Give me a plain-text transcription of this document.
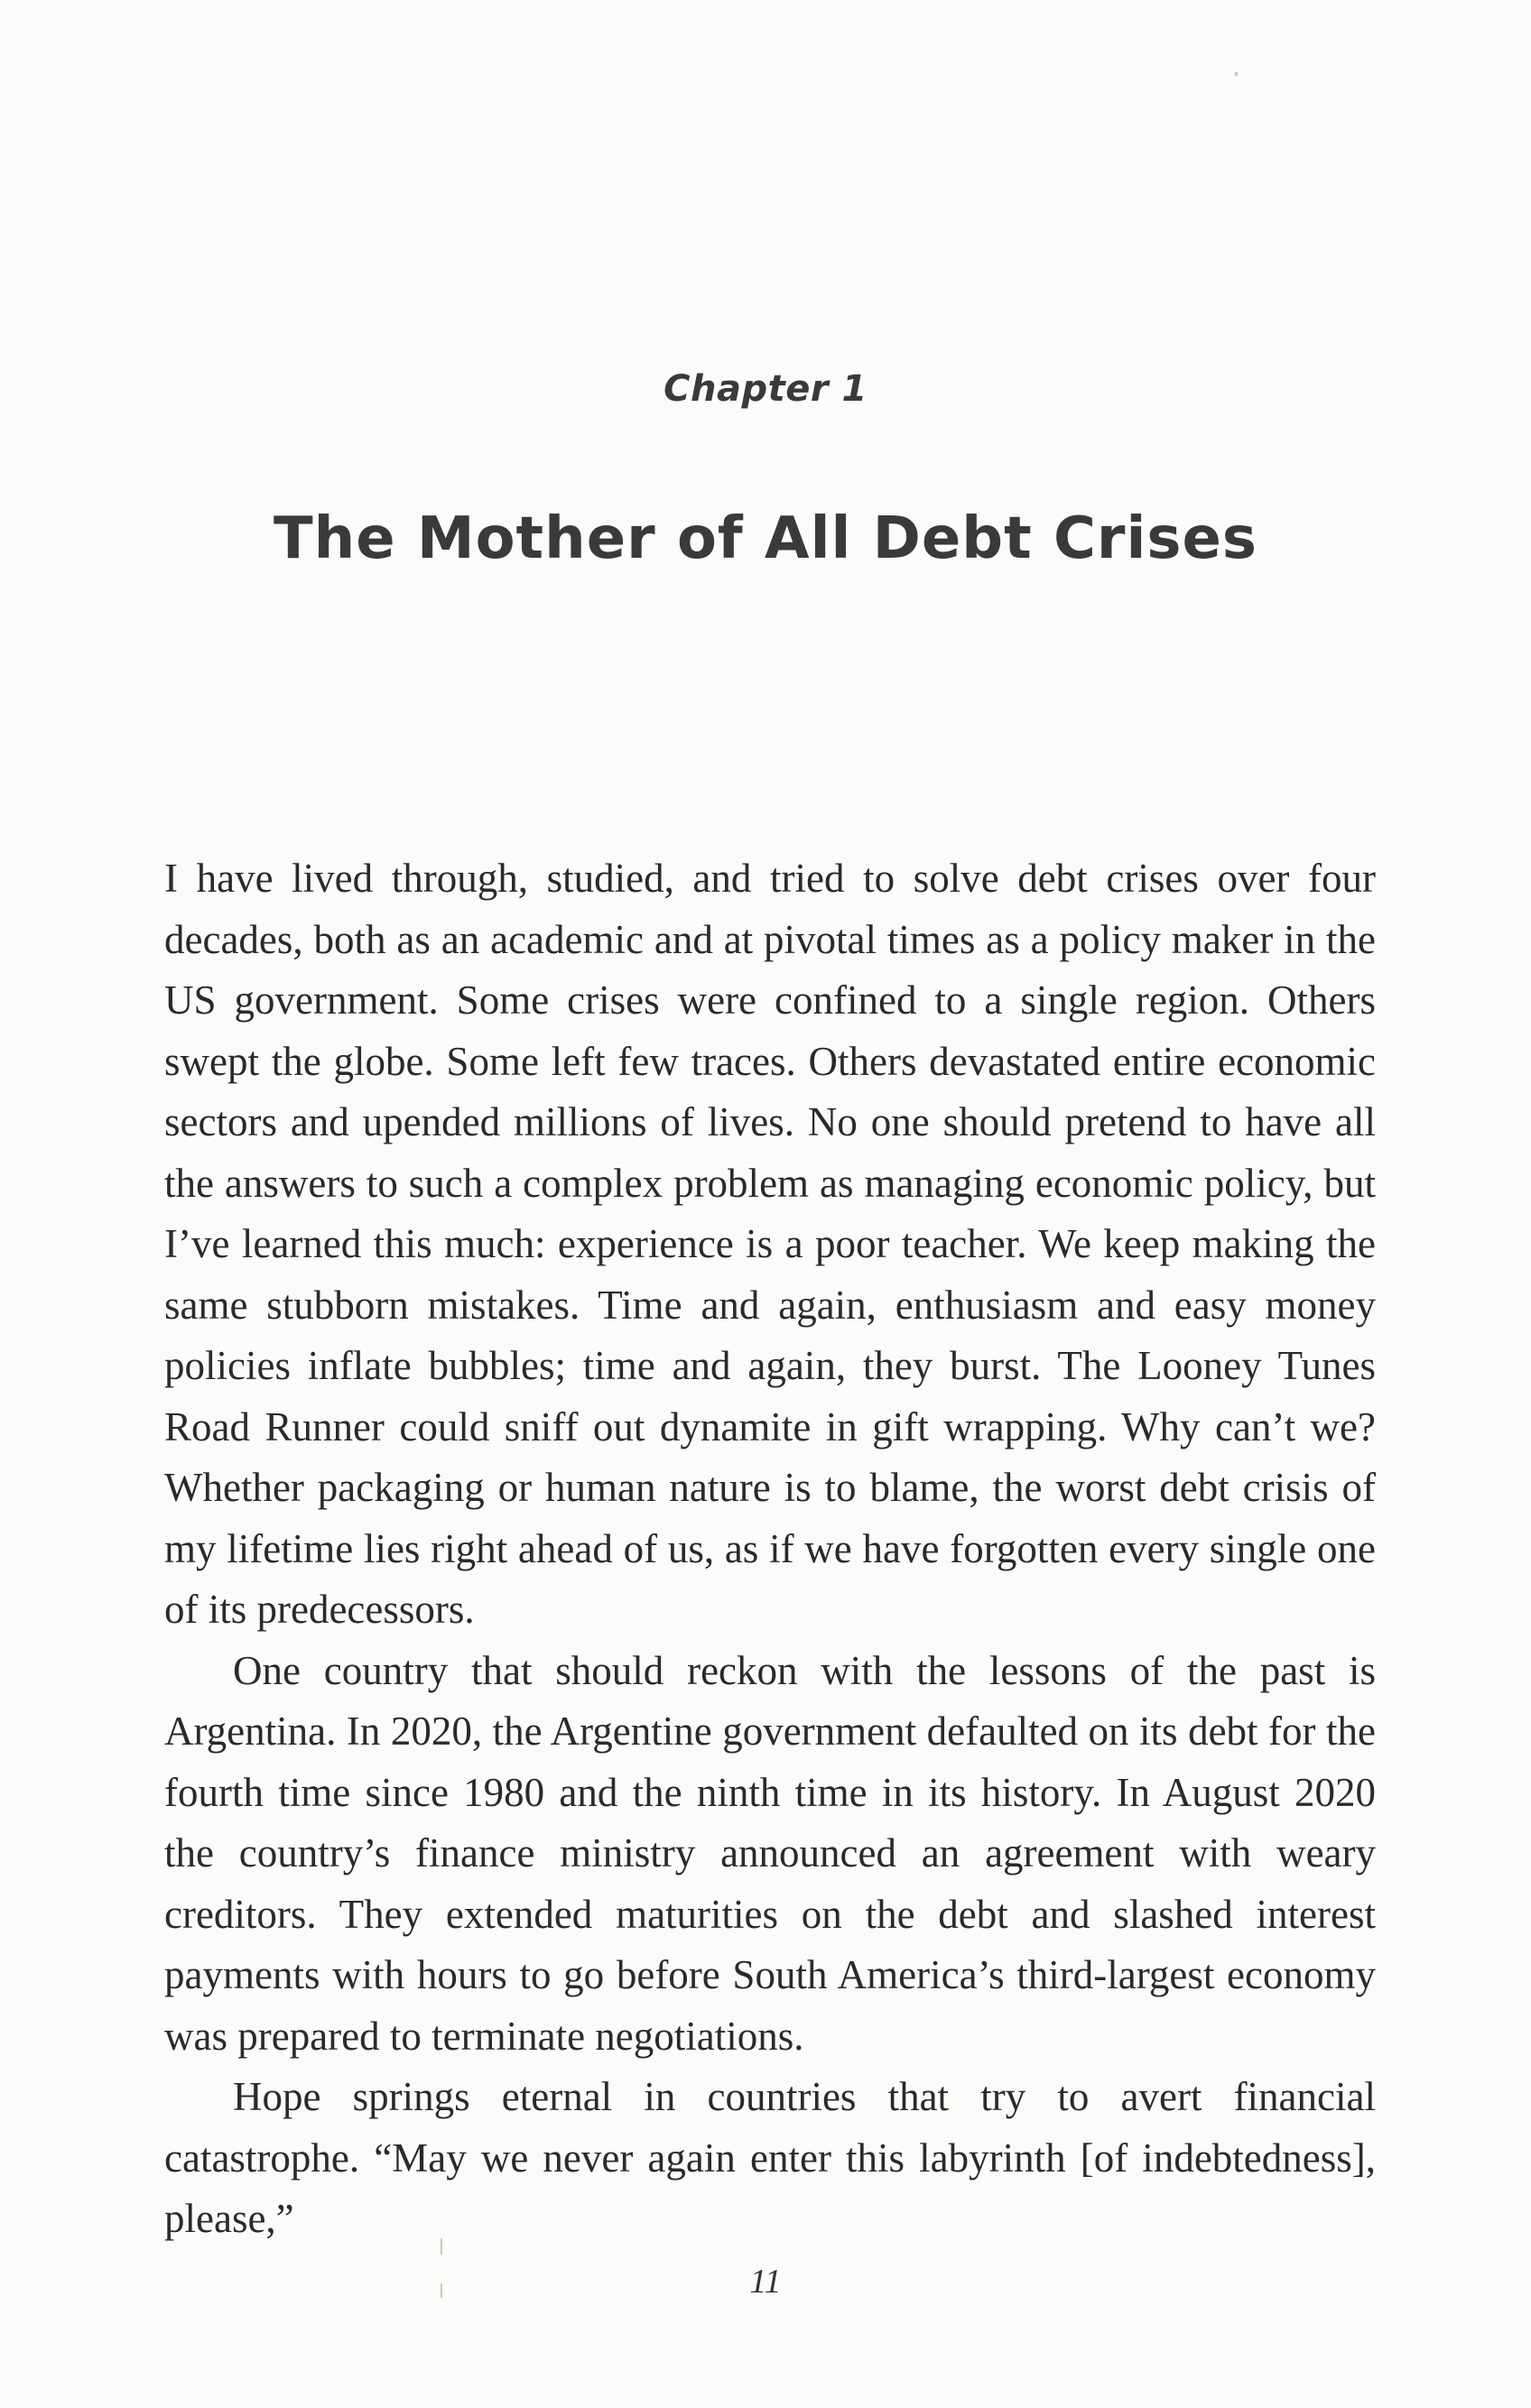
Chapter 1
The Mother of All Debt Crises

I have lived through, studied, and tried to solve debt crises over four decades, both as an academic and at pivotal times as a policy maker in the US government. Some crises were confined to a single region. Others swept the globe. Some left few traces. Others devastated entire economic sectors and upended millions of lives. No one should pretend to have all the answers to such a complex problem as managing economic policy, but I’ve learned this much: experience is a poor teacher. We keep making the same stubborn mistakes. Time and again, enthusiasm and easy money policies inflate bubbles; time and again, they burst. The Looney Tunes Road Runner could sniff out dynamite in gift wrapping. Why can’t we? Whether packaging or human nature is to blame, the worst debt crisis of my lifetime lies right ahead of us, as if we have forgotten every single one of its predecessors.

One country that should reckon with the lessons of the past is Argentina. In 2020, the Argentine government defaulted on its debt for the fourth time since 1980 and the ninth time in its history. In August 2020 the country’s finance ministry announced an agreement with weary creditors. They extended maturities on the debt and slashed interest payments with hours to go before South America’s third-largest economy was prepared to terminate negotiations.

Hope springs eternal in countries that try to avert financial catastrophe. “May we never again enter this labyrinth [of indebtedness], please,”

11
